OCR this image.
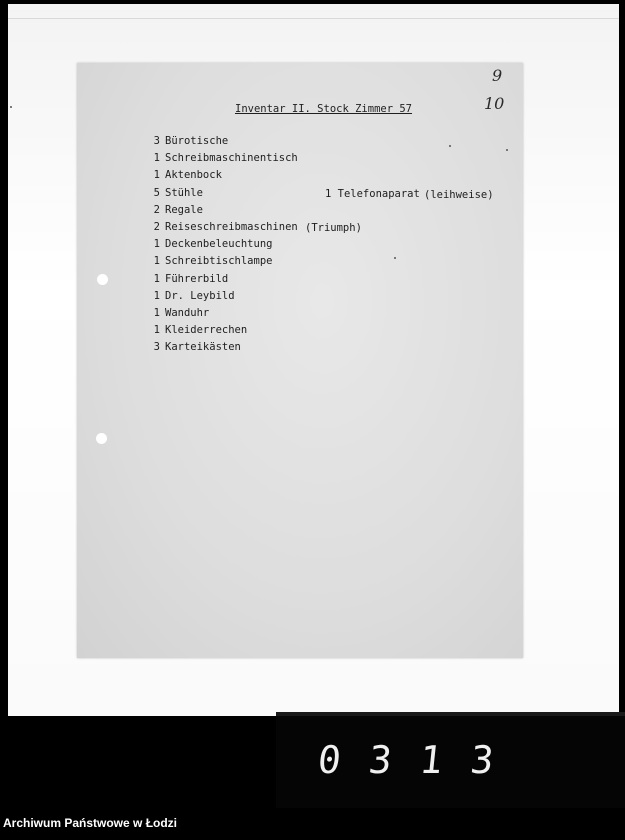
Inventar II. Stock Zimmer 57
9
10
3 Bürotische
1 Schreibmaschinentisch
1 Aktenbock
5 Stühle
2 Regale
2 Reiseschreibmaschinen
1 Deckenbeleuchtung
1 Schreibtischlampe
1 Führerbild
1 Dr. Leybild
1 Wanduhr
1 Kleiderrechen
3 Karteikästen
1 Telefonaparat (leihweise)
(Triumph)
0313
Archiwum Państwowe w Łodzi
